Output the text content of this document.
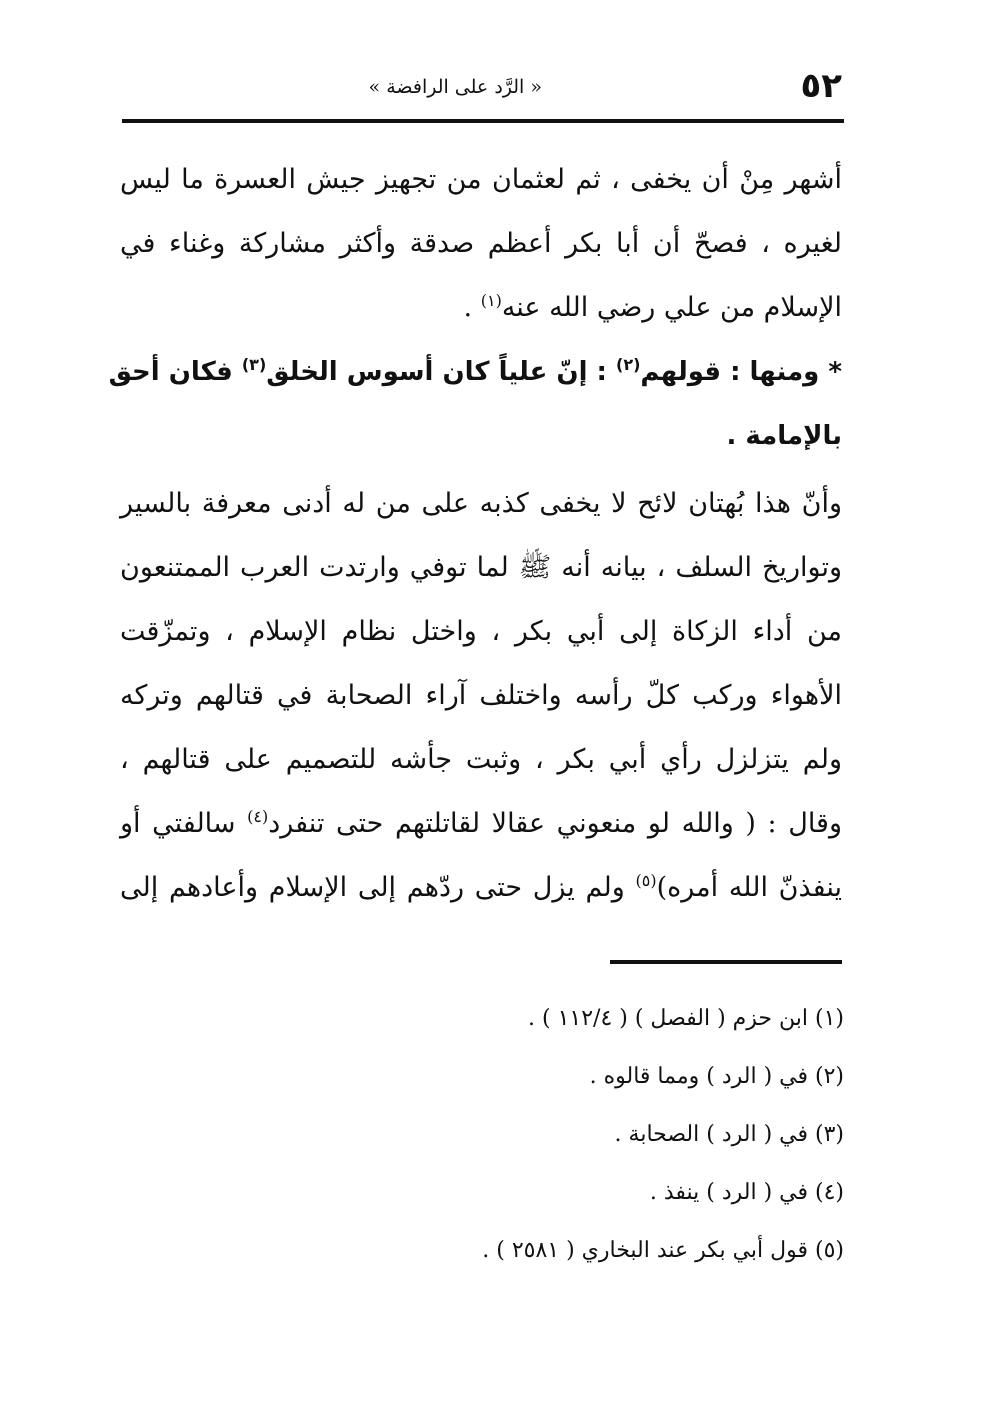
٥٢
« الرَّد على الرافضة »

أشهر مِنْ أن يخفى ، ثم لعثمان من تجهيز جيش العسرة ما ليس
لغيره ، فصحّ أن أبا بكر أعظم صدقة وأكثر مشاركة وغناء في
الإسلام من علي رضي الله عنه$^{(١)}$ .

* ومنها : قولهم$^{(٢)}$ : إنّ علياً كان أسوس الخلق$^{(٣)}$ فكان أحق
بالإمامة .

وأنّ هذا بُهتان لائح لا يخفى كذبه على من له أدنى معرفة بالسير
وتواريخ السلف ، بيانه أنه ﷺ لما توفي وارتدت العرب الممتنعون
من أداء الزكاة إلى أبي بكر ، واختل نظام الإسلام ، وتمزّقت
الأهواء وركب كلّ رأسه واختلف آراء الصحابة في قتالهم وتركه
ولم يتزلزل رأي أبي بكر ، وثبت جأشه للتصميم على قتالهم ،
وقال : ( والله لو منعوني عقالا لقاتلتهم حتى تنفرد$^{(٤)}$ سالفتي أو
ينفذنّ الله أمره)$^{(٥)}$ ولم يزل حتى ردّهم إلى الإسلام وأعادهم إلى

(١) ابن حزم ( الفصل ) ( ١١٢/٤ ) .
(٢) في ( الرد ) ومما قالوه .
(٣) في ( الرد ) الصحابة .
(٤) في ( الرد ) ينفذ .
(٥) قول أبي بكر عند البخاري ( ٢٥٨١ ) .
